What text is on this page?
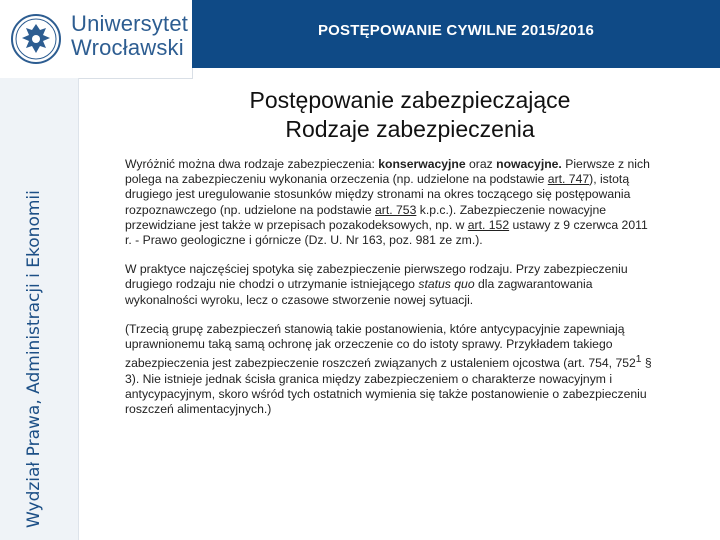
Uniwersytet
Wrocławski
POSTĘPOWANIE CYWILNE 2015/2016
Wydział Prawa, Administracji i Ekonomii
Postępowanie zabezpieczające
Rodzaje zabezpieczenia

Wyróżnić można dwa rodzaje zabezpieczenia: konserwacyjne oraz nowacyjne. Pierwsze z nich polega na zabezpieczeniu wykonania orzeczenia (np. udzielone na podstawie art. 747), istotą drugiego jest uregulowanie stosunków między stronami na okres toczącego się postępowania rozpoznawczego (np. udzielone na podstawie art. 753 k.p.c.). Zabezpieczenie nowacyjne przewidziane jest także w przepisach pozakodeksowych, np. w art. 152 ustawy z 9 czerwca 2011 r. - Prawo geologiczne i górnicze (Dz. U. Nr 163, poz. 981 ze zm.).

W praktyce najczęściej spotyka się zabezpieczenie pierwszego rodzaju. Przy zabezpieczeniu drugiego rodzaju nie chodzi o utrzymanie istniejącego status quo dla zagwarantowania wykonalności wyroku, lecz o czasowe stworzenie nowej sytuacji.

(Trzecią grupę zabezpieczeń stanowią takie postanowienia, które antycypacyjnie zapewniają uprawnionemu taką samą ochronę jak orzeczenie co do istoty sprawy. Przykładem takiego zabezpieczenia jest zabezpieczenie roszczeń związanych z ustaleniem ojcostwa (art. 754, $752^1$ § 3). Nie istnieje jednak ścisła granica między zabezpieczeniem o charakterze nowacyjnym i antycypacyjnym, skoro wśród tych ostatnich wymienia się także postanowienie o zabezpieczeniu roszczeń alimentacyjnych.)
